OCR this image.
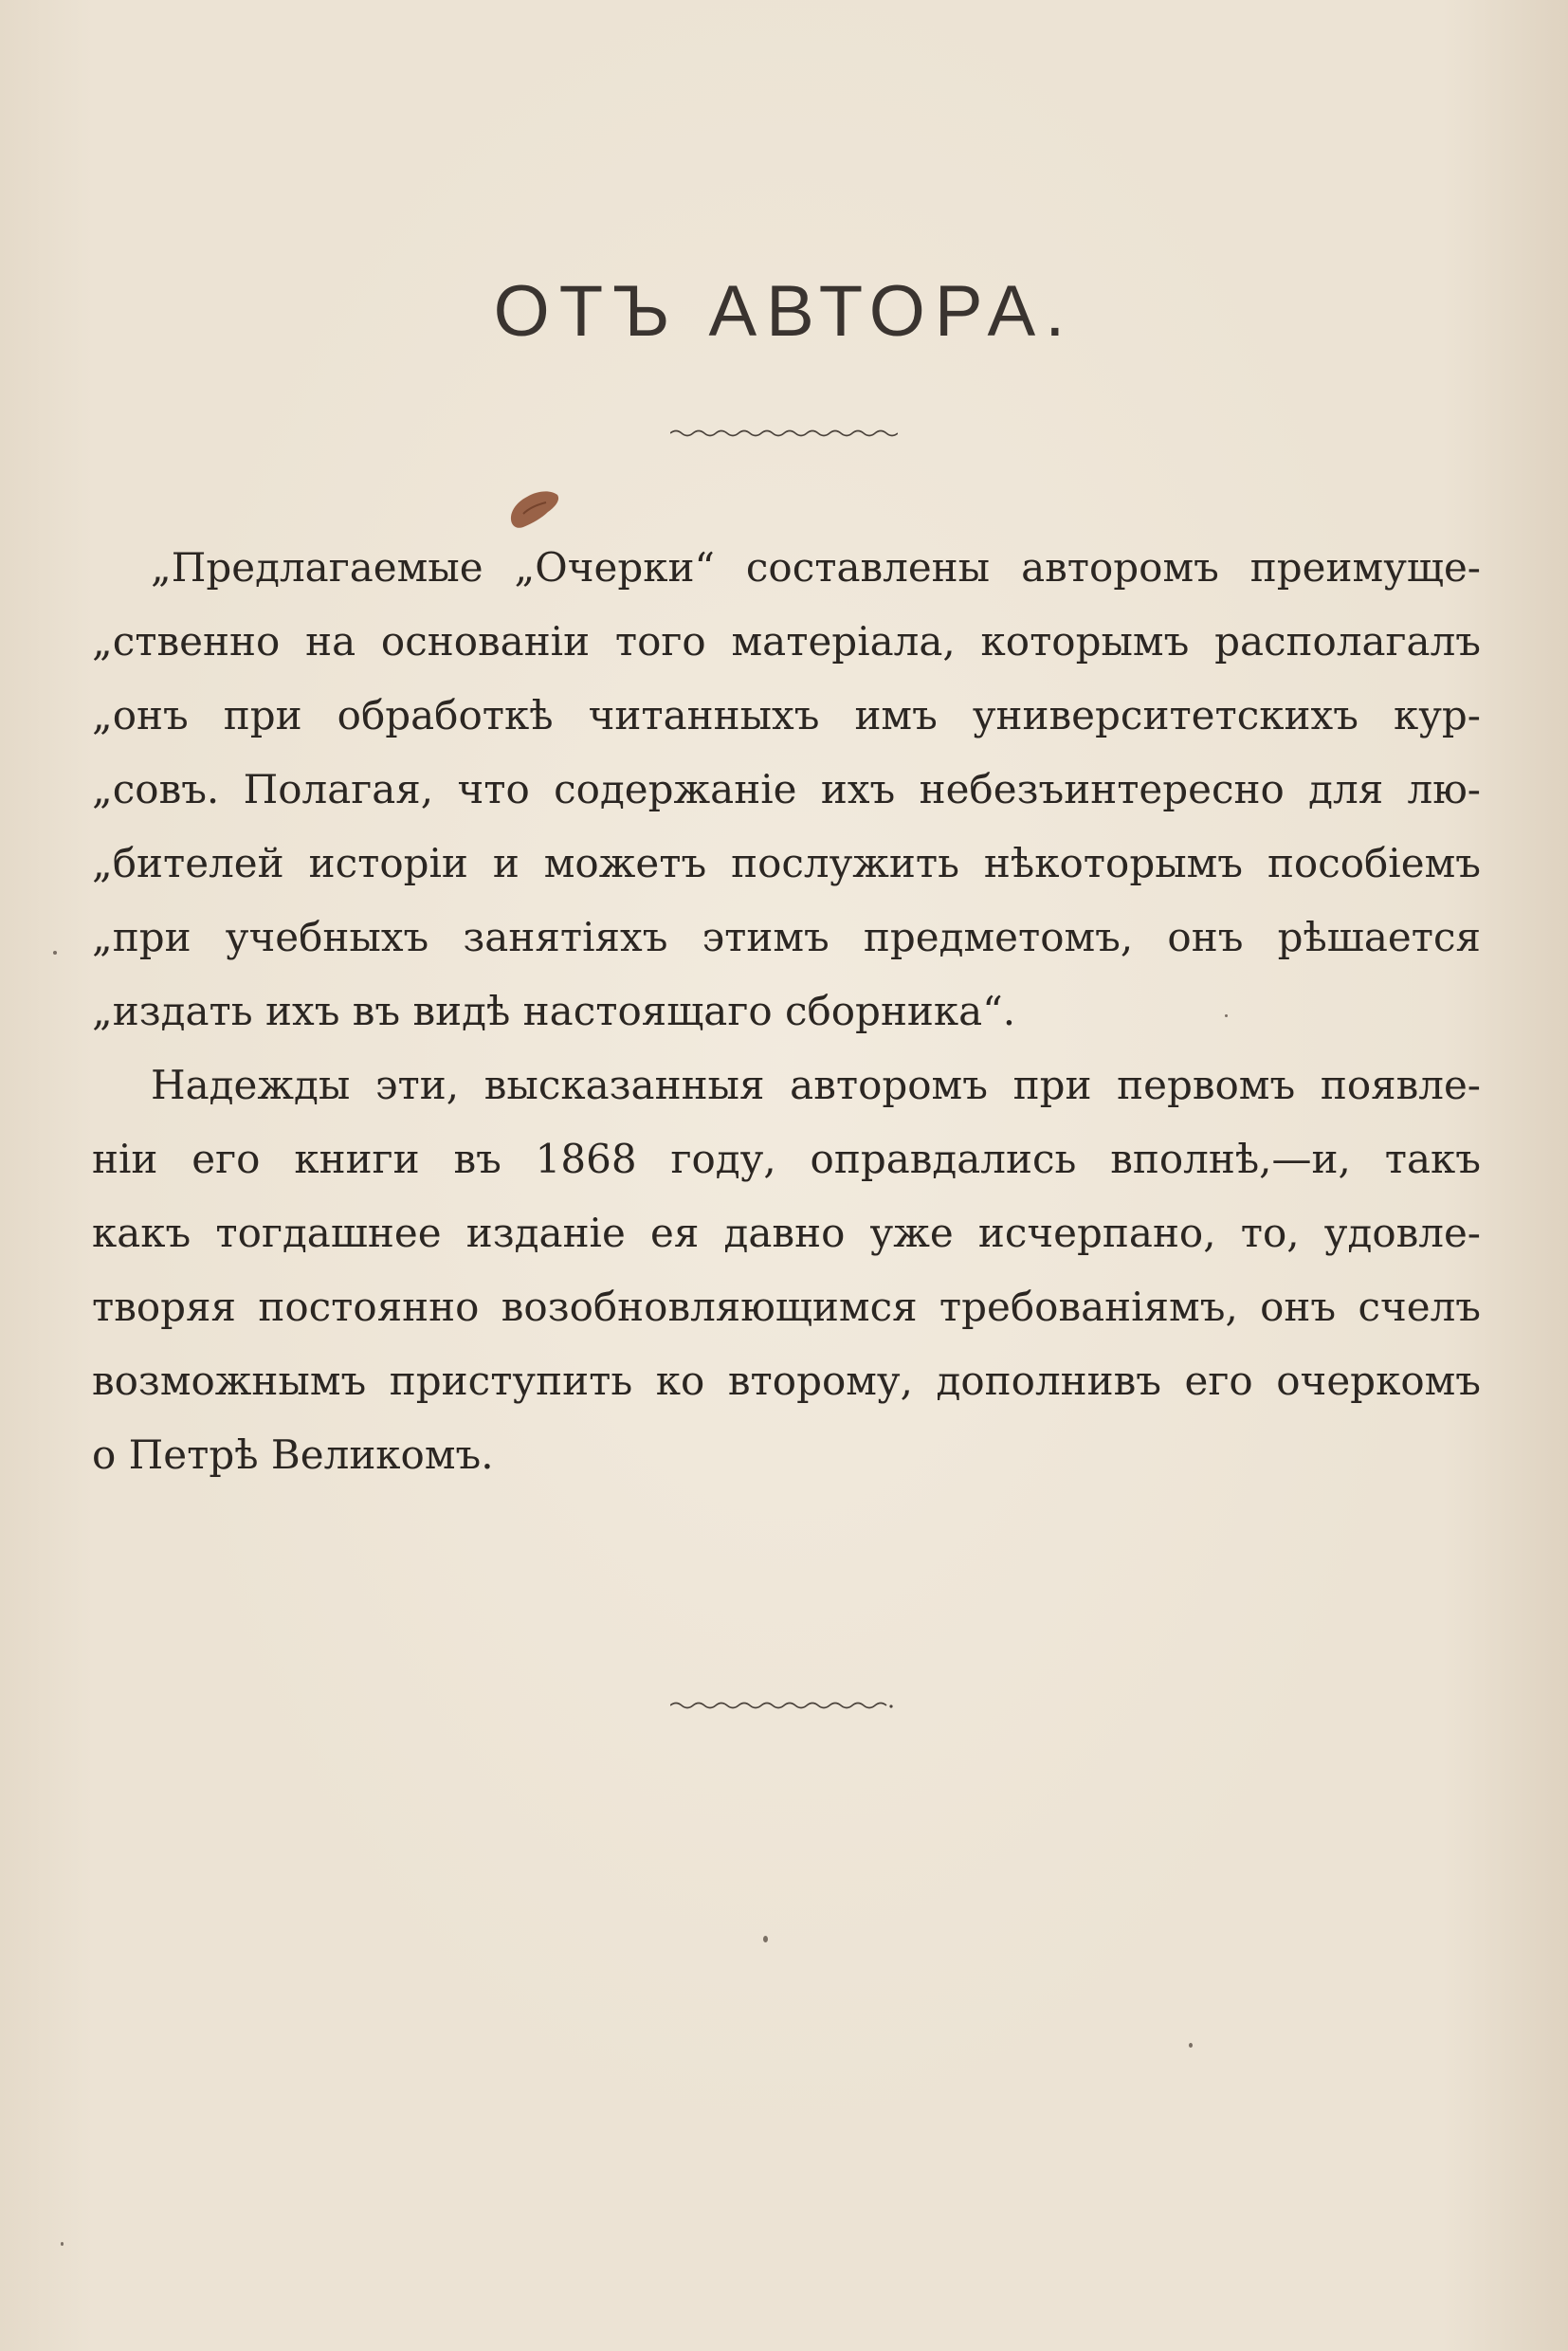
ОТЪ АВТОРА.
„Предлагаемые „Очерки“ составлены авторомъ преимуще-
„ственно на основаніи того матеріала, которымъ располагалъ
„онъ при обработкѣ читанныхъ имъ университетскихъ кур-
„совъ. Полагая, что содержаніе ихъ небезъинтересно для лю-
„бителей исторіи и можетъ послужить нѣкоторымъ пособіемъ
„при учебныхъ занятіяхъ этимъ предметомъ, онъ рѣшается
„издать ихъ въ видѣ настоящаго сборника“.
Надежды эти, высказанныя авторомъ при первомъ появле-
ніи его книги въ 1868 году, оправдались вполнѣ,—и, такъ
какъ тогдашнее изданіе ея давно уже исчерпано, то, удовле-
творяя постоянно возобновляющимся требованіямъ, онъ счелъ
возможнымъ приступить ко второму, дополнивъ его очеркомъ
о Петрѣ Великомъ.
